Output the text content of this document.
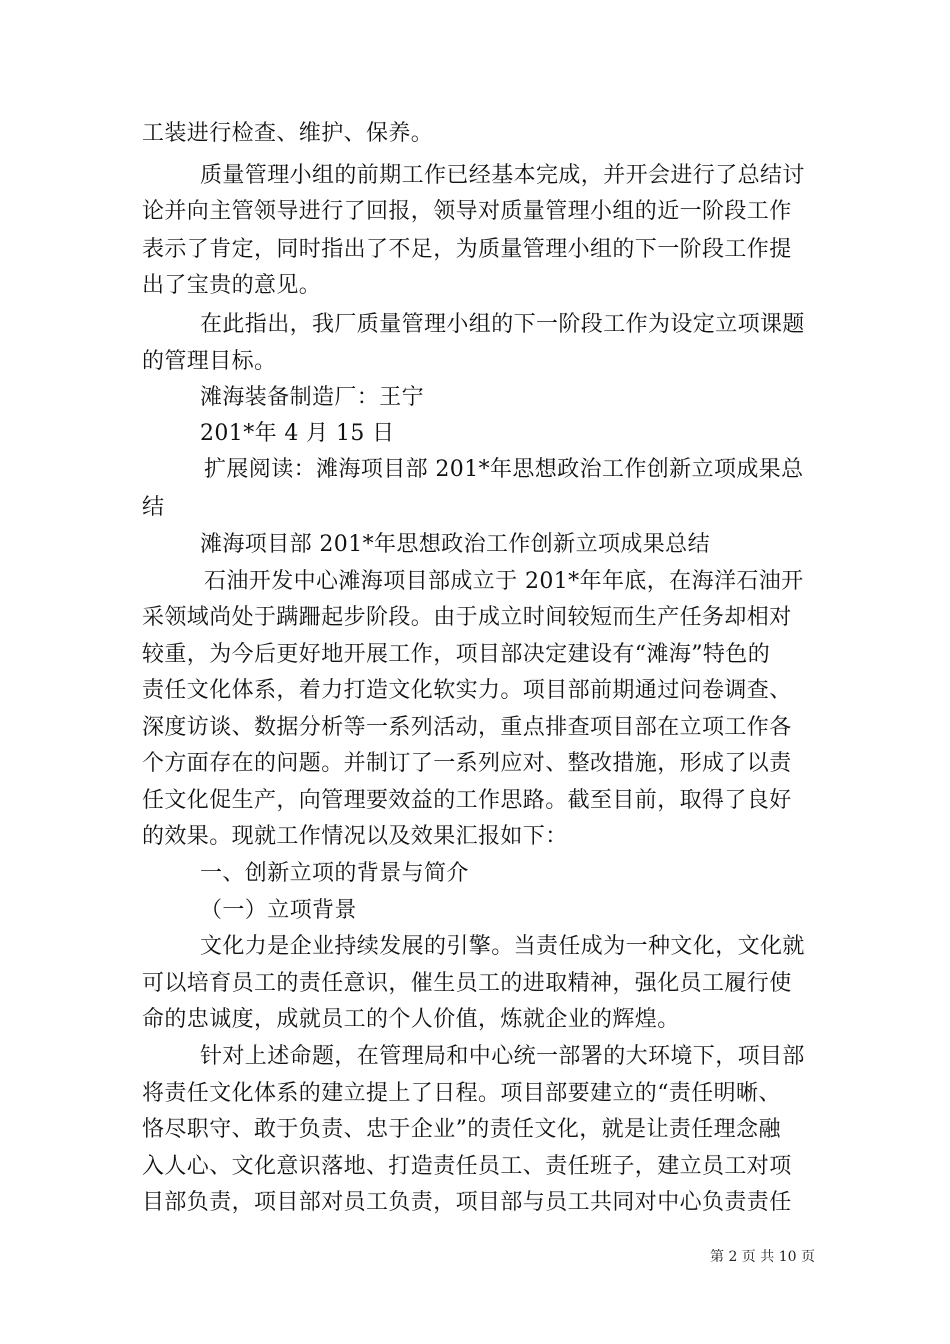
工装进行检查、维护、保养。
质量管理小组的前期工作已经基本完成，并开会进行了总结讨
论并向主管领导进行了回报，领导对质量管理小组的近一阶段工作
表示了肯定，同时指出了不足，为质量管理小组的下一阶段工作提
出了宝贵的意见。
在此指出，我厂质量管理小组的下一阶段工作为设定立项课题
的管理目标。
滩海装备制造厂：王宁
201*年 4 月 15 日
扩展阅读：滩海项目部 201*年思想政治工作创新立项成果总
结
滩海项目部 201*年思想政治工作创新立项成果总结
石油开发中心滩海项目部成立于 201*年年底，在海洋石油开
采领域尚处于蹒跚起步阶段。由于成立时间较短而生产任务却相对
较重，为今后更好地开展工作，项目部决定建设有“滩海”特色的
责任文化体系，着力打造文化软实力。项目部前期通过问卷调查、
深度访谈、数据分析等一系列活动，重点排查项目部在立项工作各
个方面存在的问题。并制订了一系列应对、整改措施，形成了以责
任文化促生产，向管理要效益的工作思路。截至目前，取得了良好
的效果。现就工作情况以及效果汇报如下：
一、创新立项的背景与简介
（一）立项背景
文化力是企业持续发展的引擎。当责任成为一种文化，文化就
可以培育员工的责任意识，催生员工的进取精神，强化员工履行使
命的忠诚度，成就员工的个人价值，炼就企业的辉煌。
针对上述命题，在管理局和中心统一部署的大环境下，项目部
将责任文化体系的建立提上了日程。项目部要建立的“责任明晰、
恪尽职守、敢于负责、忠于企业”的责任文化，就是让责任理念融
入人心、文化意识落地、打造责任员工、责任班子，建立员工对项
目部负责，项目部对员工负责，项目部与员工共同对中心负责责任
第 2 页 共 10 页
